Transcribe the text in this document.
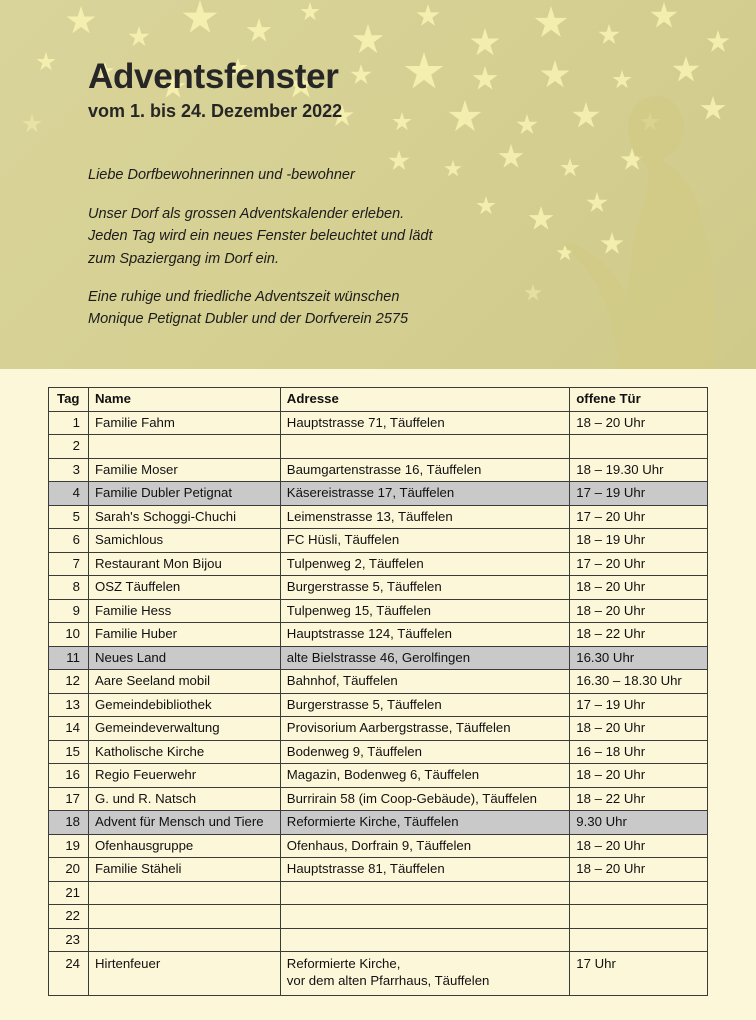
Adventsfenster
vom 1. bis 24. Dezember 2022
Liebe Dorfbewohnerinnen und -bewohner
Unser Dorf als grossen Adventskalender erleben.
Jeden Tag wird ein neues Fenster beleuchtet und lädt
zum Spaziergang im Dorf ein.
Eine ruhige und friedliche Adventszeit wünschen
Monique Petignat Dubler und der Dorfverein 2575
Tag	Name	Adresse	offene Tür
1	Familie Fahm	Hauptstrasse 71, Täuffelen	18 – 20 Uhr
2			
3	Familie Moser	Baumgartenstrasse 16, Täuffelen	18 – 19.30 Uhr
4	Familie Dubler Petignat	Käsereistrasse 17, Täuffelen	17 – 19 Uhr
5	Sarah's Schoggi-Chuchi	Leimenstrasse 13, Täuffelen	17 – 20 Uhr
6	Samichlous	FC Hüsli, Täuffelen	18 – 19 Uhr
7	Restaurant Mon Bijou	Tulpenweg 2, Täuffelen	17 – 20 Uhr
8	OSZ Täuffelen	Burgerstrasse 5, Täuffelen	18 – 20 Uhr
9	Familie Hess	Tulpenweg 15, Täuffelen	18 – 20 Uhr
10	Familie Huber	Hauptstrasse 124, Täuffelen	18 – 22 Uhr
11	Neues Land	alte Bielstrasse 46, Gerolfingen	16.30 Uhr
12	Aare Seeland mobil	Bahnhof, Täuffelen	16.30 – 18.30 Uhr
13	Gemeindebibliothek	Burgerstrasse 5, Täuffelen	17 – 19 Uhr
14	Gemeindeverwaltung	Provisorium Aarbergstrasse, Täuffelen	18 – 20 Uhr
15	Katholische Kirche	Bodenweg 9, Täuffelen	16 – 18 Uhr
16	Regio Feuerwehr	Magazin, Bodenweg 6, Täuffelen	18 – 20 Uhr
17	G. und R. Natsch	Burrirain 58 (im Coop-Gebäude), Täuffelen	18 – 22 Uhr
18	Advent für Mensch und Tiere	Reformierte Kirche, Täuffelen	9.30 Uhr
19	Ofenhausgruppe	Ofenhaus, Dorfrain 9, Täuffelen	18 – 20 Uhr
20	Familie Stäheli	Hauptstrasse 81, Täuffelen	18 – 20 Uhr
21			
22			
23			
24	Hirtenfeuer	Reformierte Kirche,
vor dem alten Pfarrhaus, Täuffelen	17 Uhr
